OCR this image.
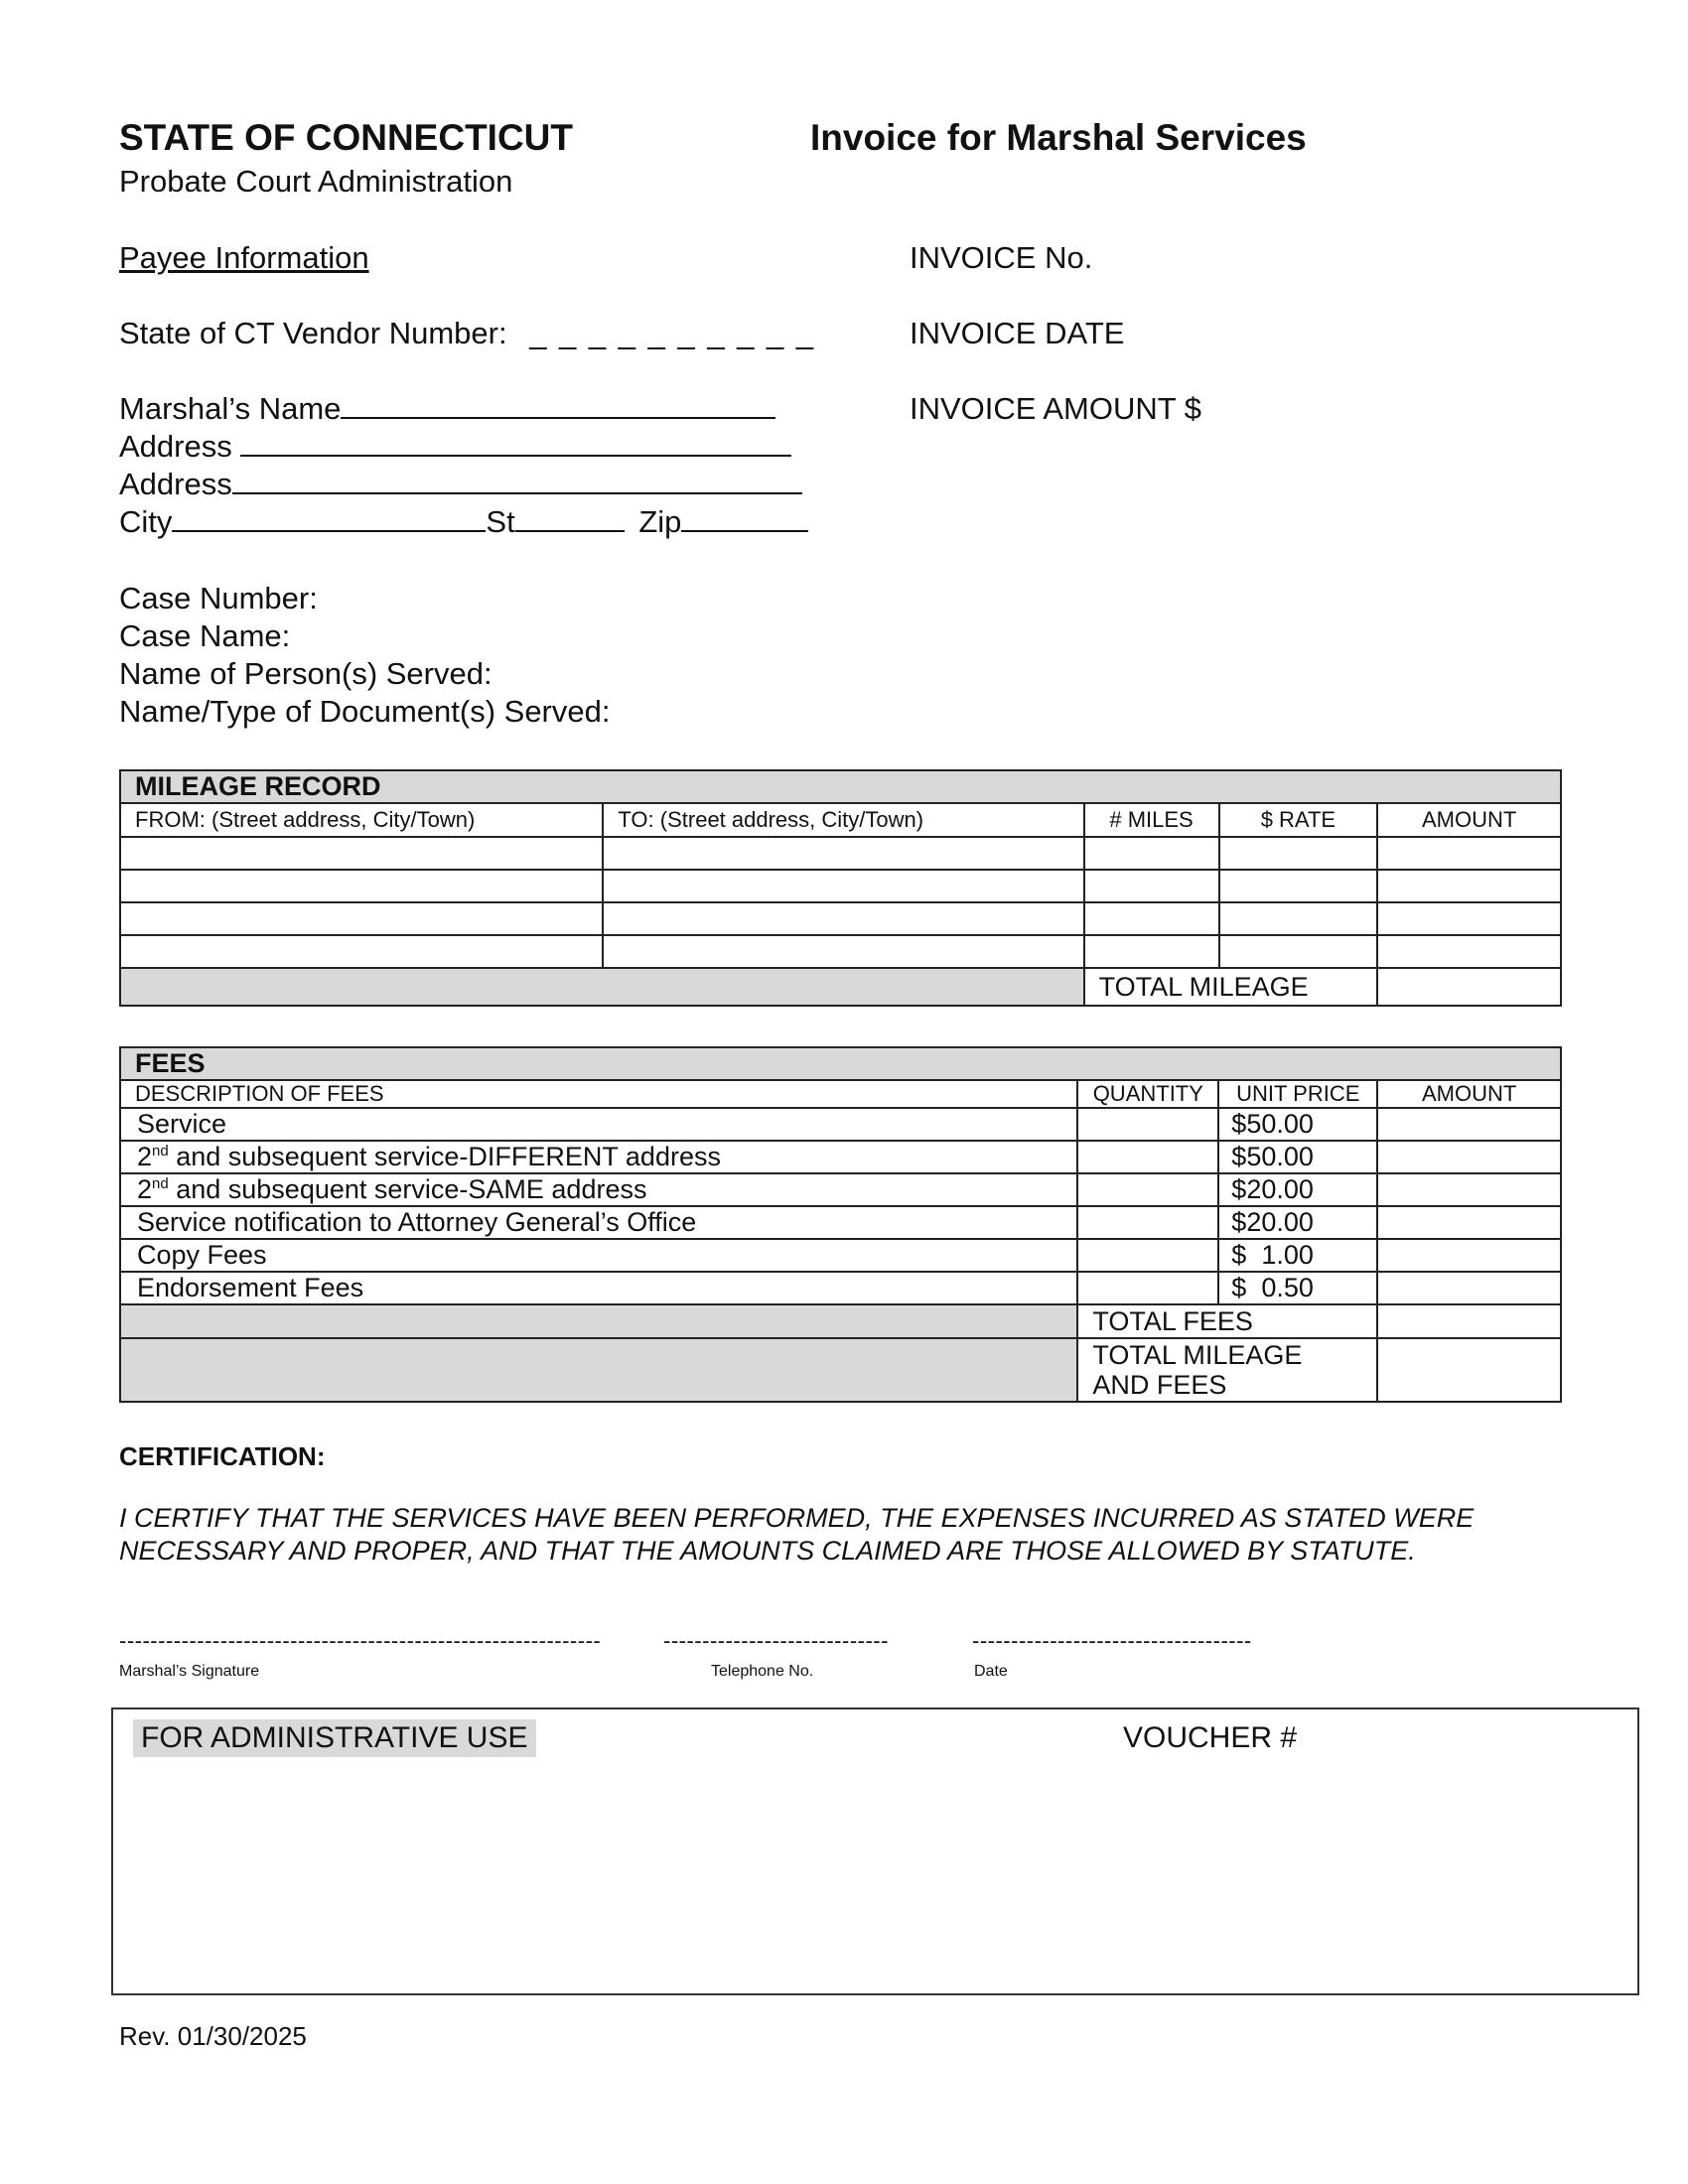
STATE OF CONNECTICUT
Probate Court Administration
Invoice for Marshal Services
Payee Information
State of CT Vendor Number: _ _ _ _ _ _ _ _ _ _
Marshal’s Name
Address
Address
City	St	Zip
INVOICE No.
INVOICE DATE
INVOICE AMOUNT $
Case Number:
Case Name:
Name of Person(s) Served:
Name/Type of Document(s) Served:
MILEAGE RECORD				
FROM: (Street address, City/Town)	TO: (Street address, City/Town)	# MILES	$ RATE	AMOUNT

		TOTAL MILEAGE		
FEES			
DESCRIPTION OF FEES	QUANTITY	UNIT PRICE	AMOUNT
Service		$50.00	
2nd and subsequent service-DIFFERENT address		$50.00	
2nd and subsequent service-SAME address		$20.00	
Service notification to Attorney General’s Office		$20.00	
Copy Fees		$  1.00	
Endorsement Fees		$  0.50	
	TOTAL FEES		

	TOTAL MILEAGE
AND FEES		

CERTIFICATION:
I CERTIFY THAT THE SERVICES HAVE BEEN PERFORMED, THE EXPENSES INCURRED AS STATED WERE NECESSARY AND PROPER, AND THAT THE AMOUNTS CLAIMED ARE THOSE ALLOWED BY STATUTE.
--------------------------------------------------------------	-----------------------------	------------------------------------
Marshal’s Signature	Telephone No.	Date
FOR ADMINISTRATIVE USE	VOUCHER #
Rev. 01/30/2025
